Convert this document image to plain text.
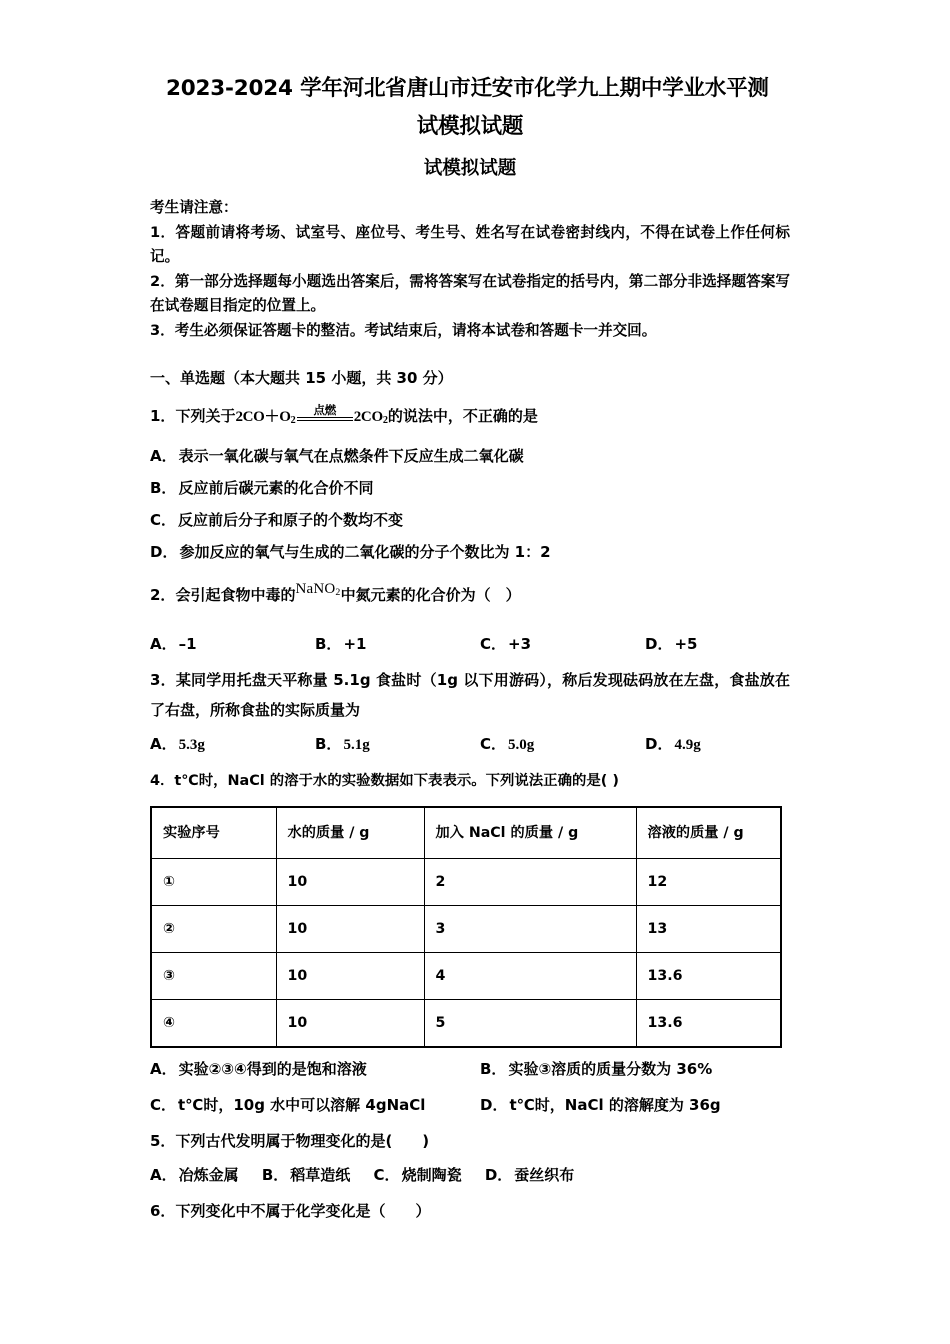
2023-2024 学年河北省唐山市迁安市化学九上期中学业水平测
试模拟试题
试模拟试题

考生请注意：

1．答题前请将考场、试室号、座位号、考生号、姓名写在试卷密封线内，不得在试卷上作任何标记。

2．第一部分选择题每小题选出答案后，需将答案写在试卷指定的括号内，第二部分非选择题答案写在试卷题目指定的位置上。

3．考生必须保证答题卡的整洁。考试结束后，请将本试卷和答题卡一并交回。

一、单选题（本大题共 15 小题，共 30 分）
1．下列关于$2CO+O_2$
点燃 $2CO_2$的说法中，不正确的是
A． 表示一氧化碳与氧气在点燃条件下反应生成二氧化碳
B． 反应前后碳元素的化合价不同
C． 反应前后分子和原子的个数均不变
D． 参加反应的氧气与生成的二氧化碳的分子个数比为 1：2
2．会引起食物中毒的NaNO$_2$中氮元素的化合价为（　）
A． –1	B． +1	C． +3	D． +5
3．某同学用托盘天平称量 5.1g 食盐时（1g 以下用游码），称后发现砝码放在左盘，食盐放在了右盘，所称食盐的实际质量为
A． 5.3g	B． 5.1g	C． 5.0g	D． 4.9g
4．t℃时，NaCl 的溶于水的实验数据如下表表示。下列说法正确的是( )
实验序号	水的质量 / g	加入 NaCl 的质量 / g	溶液的质量 / g
①	10	2	12
②	10	3	13
③	10	4	13.6
④	10	5	13.6
A． 实验②③④得到的是饱和溶液	B． 实验③溶质的质量分数为 36%
C． t℃时，10g 水中可以溶解 4gNaCl	D． t℃时，NaCl 的溶解度为 36g
5．下列古代发明属于物理变化的是(　　)
A． 冶炼金属 B． 稻草造纸 C． 烧制陶瓷 D． 蚕丝织布
6．下列变化中不属于化学变化是（　　）
